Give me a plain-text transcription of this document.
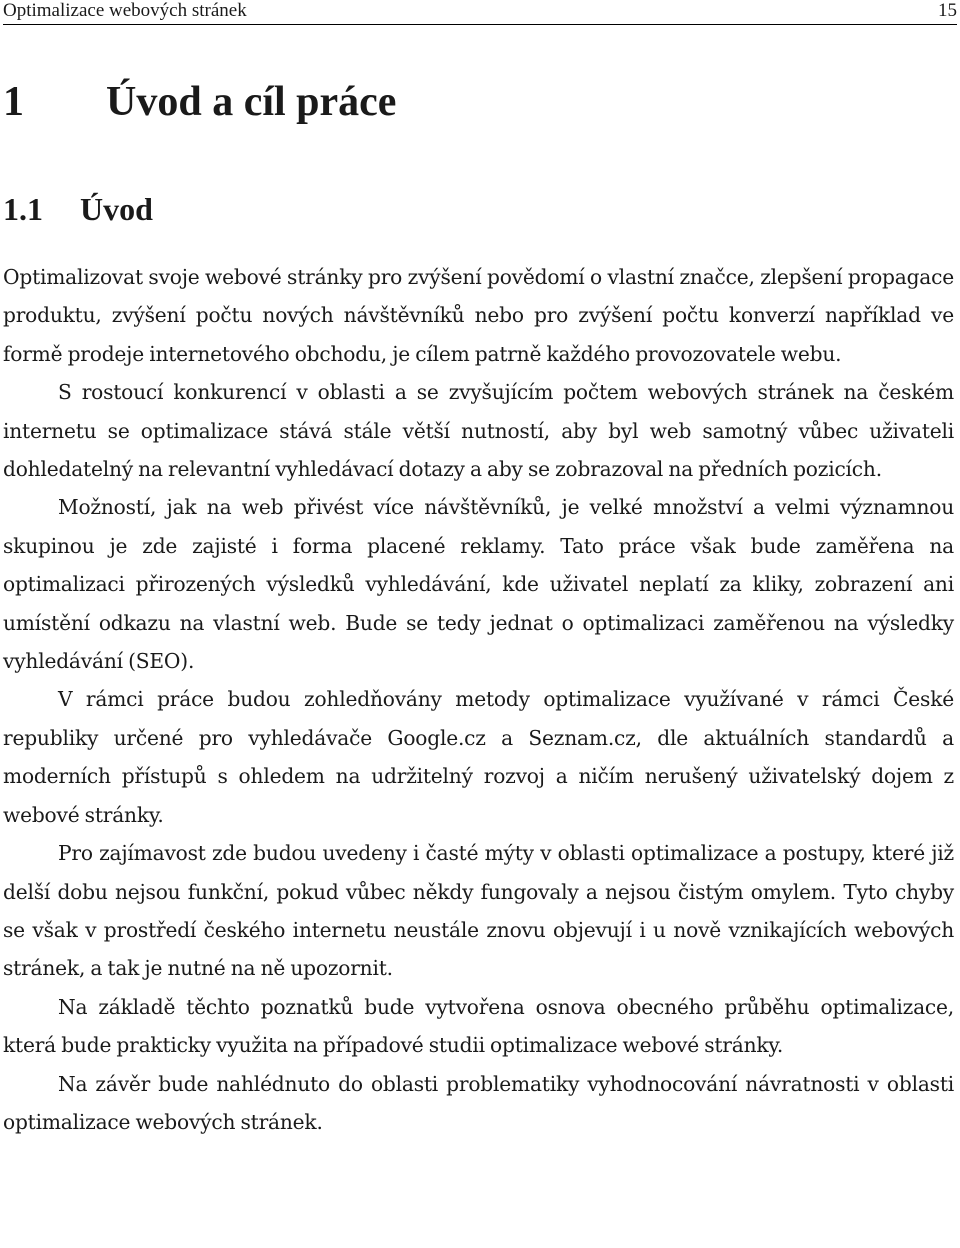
Optimalizace webových stránek	15
1 Úvod a cíl práce
1.1 Úvod

Optimalizovat svoje webové stránky pro zvýšení povědomí o vlastní značce, zlepšení propagace produktu, zvýšení počtu nových návštěvníků nebo pro zvýšení počtu konverzí například ve formě prodeje internetového obchodu, je cílem patrně každého provozovatele webu.

S rostoucí konkurencí v oblasti a se zvyšujícím počtem webových stránek na českém internetu se optimalizace stává stále větší nutností, aby byl web samotný vůbec uživateli dohledatelný na relevantní vyhledávací dotazy a aby se zobrazoval na předních pozicích.

Možností, jak na web přivést více návštěvníků, je velké množství a velmi významnou skupinou je zde zajisté i forma placené reklamy. Tato práce však bude zaměřena na optimalizaci přirozených výsledků vyhledávání, kde uživatel neplatí za kliky, zobrazení ani umístění odkazu na vlastní web. Bude se tedy jednat o optimalizaci zaměřenou na výsledky vyhledávání (SEO).

V rámci práce budou zohledňovány metody optimalizace využívané v rámci České republiky určené pro vyhledávače Google.cz a Seznam.cz, dle aktuálních standardů a moderních přístupů s ohledem na udržitelný rozvoj a ničím nerušený uživatelský dojem z webové stránky.

Pro zajímavost zde budou uvedeny i časté mýty v oblasti optimalizace a postupy, které již delší dobu nejsou funkční, pokud vůbec někdy fungovaly a nejsou čistým omylem. Tyto chyby se však v prostředí českého internetu neustále znovu objevují i u nově vznikajících webových stránek, a tak je nutné na ně upozornit.

Na základě těchto poznatků bude vytvořena osnova obecného průběhu optimalizace, která bude prakticky využita na případové studii optimalizace webové stránky.

Na závěr bude nahlédnuto do oblasti problematiky vyhodnocování návratnosti v oblasti optimalizace webových stránek.
